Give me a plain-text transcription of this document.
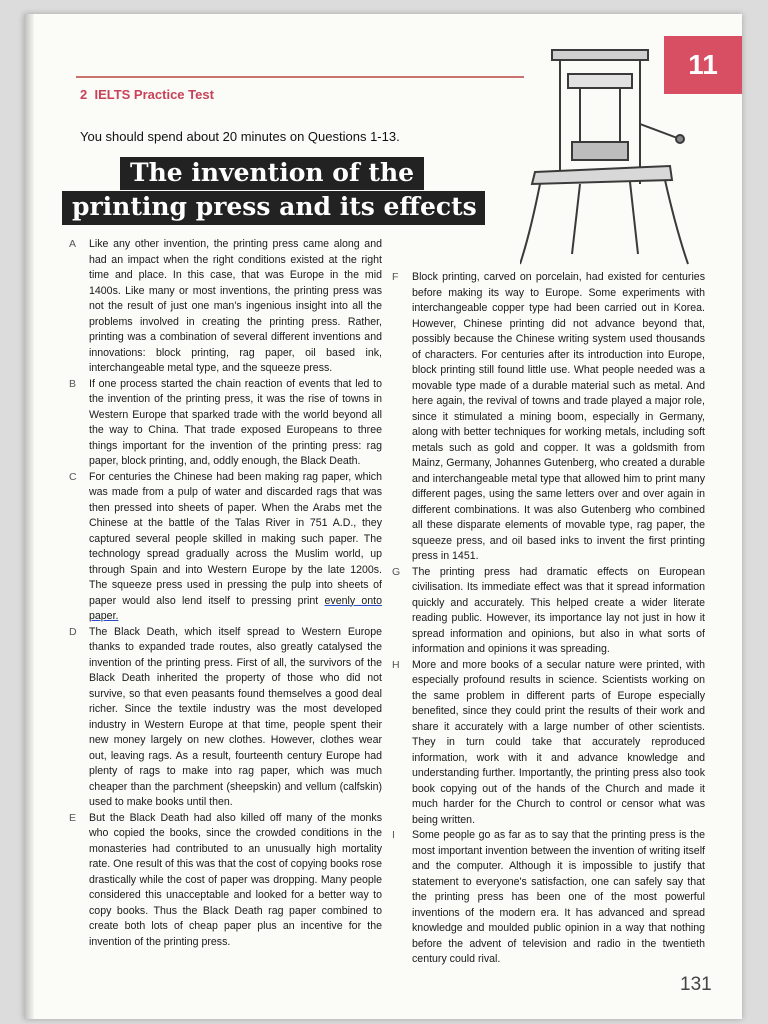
11
2  IELTS Practice Test
You should spend about 20 minutes on Questions 1-13.
The invention of the
printing press and its effects

A Like any other invention, the printing press came along and had an impact when the right conditions existed at the right time and place. In this case, that was Europe in the mid 1400s. Like many or most inventions, the printing press was not the result of just one man's ingenious insight into all the problems involved in creating the printing press. Rather, printing was a combination of several different inventions and innovations: block printing, rag paper, oil based ink, interchangeable metal type, and the squeeze press.

B If one process started the chain reaction of events that led to the invention of the printing press, it was the rise of towns in Western Europe that sparked trade with the world beyond all the way to China. That trade exposed Europeans to three things important for the invention of the printing press: rag paper, block printing, and, oddly enough, the Black Death.

C For centuries the Chinese had been making rag paper, which was made from a pulp of water and discarded rags that was then pressed into sheets of paper. When the Arabs met the Chinese at the battle of the Talas River in 751 A.D., they captured several people skilled in making such paper. The technology spread gradually across the Muslim world, up through Spain and into Western Europe by the late 1200s. The squeeze press used in pressing the pulp into sheets of paper would also lend itself to pressing print evenly onto paper.

D The Black Death, which itself spread to Western Europe thanks to expanded trade routes, also greatly catalysed the invention of the printing press. First of all, the survivors of the Black Death inherited the property of those who did not survive, so that even peasants found themselves a good deal richer. Since the textile industry was the most developed industry in Western Europe at that time, people spent their new money largely on new clothes. However, clothes wear out, leaving rags. As a result, fourteenth century Europe had plenty of rags to make into rag paper, which was much cheaper than the parchment (sheepskin) and vellum (calfskin) used to make books until then.

E But the Black Death had also killed off many of the monks who copied the books, since the crowded conditions in the monasteries had contributed to an unusually high mortality rate. One result of this was that the cost of copying books rose drastically while the cost of paper was dropping. Many people considered this unacceptable and looked for a better way to copy books. Thus the Black Death rag paper combined to create both lots of cheap paper plus an incentive for the invention of the printing press.

F Block printing, carved on porcelain, had existed for centuries before making its way to Europe. Some experiments with interchangeable copper type had been carried out in Korea. However, Chinese printing did not advance beyond that, possibly because the Chinese writing system used thousands of characters. For centuries after its introduction into Europe, block printing still found little use. What people needed was a movable type made of a durable material such as metal. And here again, the revival of towns and trade played a major role, since it stimulated a mining boom, especially in Germany, along with better techniques for working metals, including soft metals such as gold and copper. It was a goldsmith from Mainz, Germany, Johannes Gutenberg, who created a durable and interchangeable metal type that allowed him to print many different pages, using the same letters over and over again in different combinations. It was also Gutenberg who combined all these disparate elements of movable type, rag paper, the squeeze press, and oil based inks to invent the first printing press in 1451.

G The printing press had dramatic effects on European civilisation. Its immediate effect was that it spread information quickly and accurately. This helped create a wider literate reading public. However, its importance lay not just in how it spread information and opinions, but also in what sorts of information and opinions it was spreading.

H More and more books of a secular nature were printed, with especially profound results in science. Scientists working on the same problem in different parts of Europe especially benefited, since they could print the results of their work and share it accurately with a large number of other scientists. They in turn could take that accurately reproduced information, work with it and advance knowledge and understanding further. Importantly, the printing press also took book copying out of the hands of the Church and made it much harder for the Church to control or censor what was being written.

I Some people go as far as to say that the printing press is the most important invention between the invention of writing itself and the computer. Although it is impossible to justify that statement to everyone's satisfaction, one can safely say that the printing press has been one of the most powerful inventions of the modern era. It has advanced and spread knowledge and moulded public opinion in a way that nothing before the advent of television and radio in the twentieth century could rival.

131
